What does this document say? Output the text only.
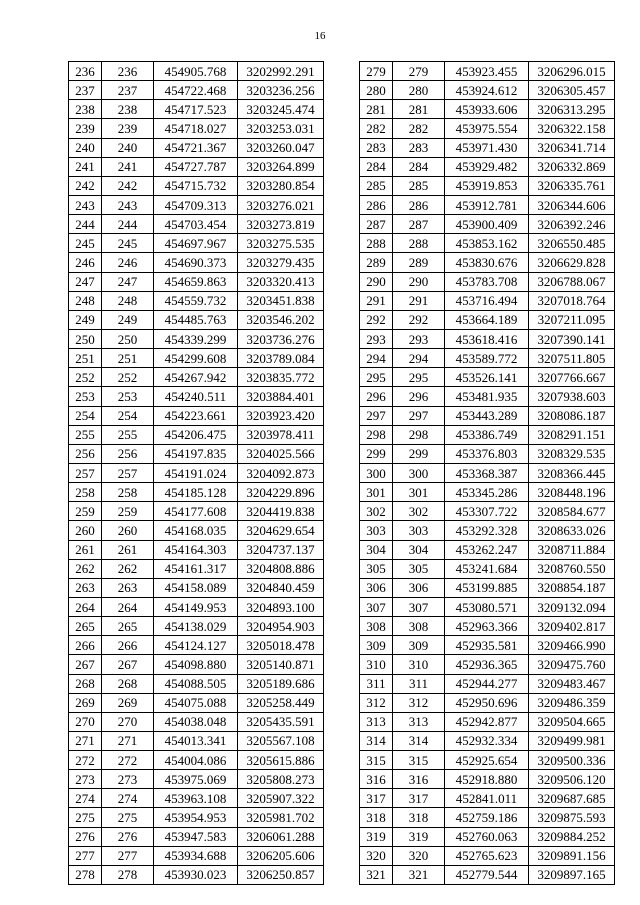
16
236	236	454905.768	3202992.291
237	237	454722.468	3203236.256
238	238	454717.523	3203245.474
239	239	454718.027	3203253.031
240	240	454721.367	3203260.047
241	241	454727.787	3203264.899
242	242	454715.732	3203280.854
243	243	454709.313	3203276.021
244	244	454703.454	3203273.819
245	245	454697.967	3203275.535
246	246	454690.373	3203279.435
247	247	454659.863	3203320.413
248	248	454559.732	3203451.838
249	249	454485.763	3203546.202
250	250	454339.299	3203736.276
251	251	454299.608	3203789.084
252	252	454267.942	3203835.772
253	253	454240.511	3203884.401
254	254	454223.661	3203923.420
255	255	454206.475	3203978.411
256	256	454197.835	3204025.566
257	257	454191.024	3204092.873
258	258	454185.128	3204229.896
259	259	454177.608	3204419.838
260	260	454168.035	3204629.654
261	261	454164.303	3204737.137
262	262	454161.317	3204808.886
263	263	454158.089	3204840.459
264	264	454149.953	3204893.100
265	265	454138.029	3204954.903
266	266	454124.127	3205018.478
267	267	454098.880	3205140.871
268	268	454088.505	3205189.686
269	269	454075.088	3205258.449
270	270	454038.048	3205435.591
271	271	454013.341	3205567.108
272	272	454004.086	3205615.886
273	273	453975.069	3205808.273
274	274	453963.108	3205907.322
275	275	453954.953	3205981.702
276	276	453947.583	3206061.288
277	277	453934.688	3206205.606
278	278	453930.023	3206250.857
279	279	453923.455	3206296.015
280	280	453924.612	3206305.457
281	281	453933.606	3206313.295
282	282	453975.554	3206322.158
283	283	453971.430	3206341.714
284	284	453929.482	3206332.869
285	285	453919.853	3206335.761
286	286	453912.781	3206344.606
287	287	453900.409	3206392.246
288	288	453853.162	3206550.485
289	289	453830.676	3206629.828
290	290	453783.708	3206788.067
291	291	453716.494	3207018.764
292	292	453664.189	3207211.095
293	293	453618.416	3207390.141
294	294	453589.772	3207511.805
295	295	453526.141	3207766.667
296	296	453481.935	3207938.603
297	297	453443.289	3208086.187
298	298	453386.749	3208291.151
299	299	453376.803	3208329.535
300	300	453368.387	3208366.445
301	301	453345.286	3208448.196
302	302	453307.722	3208584.677
303	303	453292.328	3208633.026
304	304	453262.247	3208711.884
305	305	453241.684	3208760.550
306	306	453199.885	3208854.187
307	307	453080.571	3209132.094
308	308	452963.366	3209402.817
309	309	452935.581	3209466.990
310	310	452936.365	3209475.760
311	311	452944.277	3209483.467
312	312	452950.696	3209486.359
313	313	452942.877	3209504.665
314	314	452932.334	3209499.981
315	315	452925.654	3209500.336
316	316	452918.880	3209506.120
317	317	452841.011	3209687.685
318	318	452759.186	3209875.593
319	319	452760.063	3209884.252
320	320	452765.623	3209891.156
321	321	452779.544	3209897.165
